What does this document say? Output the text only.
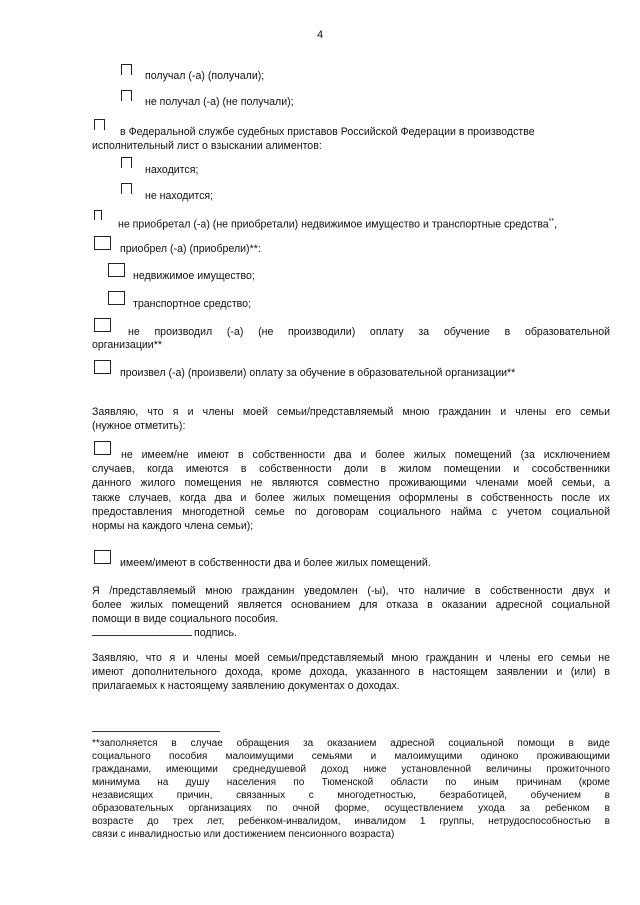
4
получал (-а) (получали);
не получал (-а) (не получали);
в Федеральной службе судебных приставов Российской Федерации в производстве
исполнительный лист о взыскании алиментов:
находится;
не находится;
не приобретал (-а) (не приобретали) недвижимое имущество и транспортные средства**,
приобрел (-а) (приобрели)**:
недвижимое имущество;
транспортное средство;
не производил (-а) (не производили) оплату за обучение в образовательной
организации**
произвел (-а) (произвели) оплату за обучение в образовательной организации**
Заявляю, что я и члены моей семьи/представляемый мною гражданин и члены его семьи
(нужное отметить):
не имеем/не имеют в собственности два и более жилых помещений (за исключением
случаев, когда имеются в собственности доли в жилом помещении и сособственники
данного жилого помещения не являются совместно проживающими членами моей семьи, а
также случаев, когда два и более жилых помещения оформлены в собственность после их
предоставления многодетной семье по договорам социального найма с учетом социальной
нормы на каждого члена семьи);
имеем/имеют в собственности два и более жилых помещений.
Я /представляемый мною гражданин уведомлен (-ы), что наличие в собственности двух и
более жилых помещений является основанием для отказа в оказании адресной социальной
помощи в виде социального пособия.
подпись.
Заявляю, что я и члены моей семьи/представляемый мною гражданин и члены его семьи не
имеют дополнительного дохода, кроме дохода, указанного в настоящем заявлении и (или) в
прилагаемых к настоящему заявлению документах о доходах.
**заполняется в случае обращения за оказанием адресной социальной помощи в виде
социального пособия малоимущими семьями и малоимущими одиноко проживающими
гражданами, имеющими среднедушевой доход ниже установленной величины прожиточного
минимума на душу населения по Тюменской области по иным причинам (кроме
независящих причин, связанных с многодетностью, безработицей, обучением в
образовательных организациях по очной форме, осуществлением ухода за ребенком в
возрасте до трех лет, ребенком-инвалидом, инвалидом 1 группы, нетрудоспособностью в
связи с инвалидностью или достижением пенсионного возраста)
